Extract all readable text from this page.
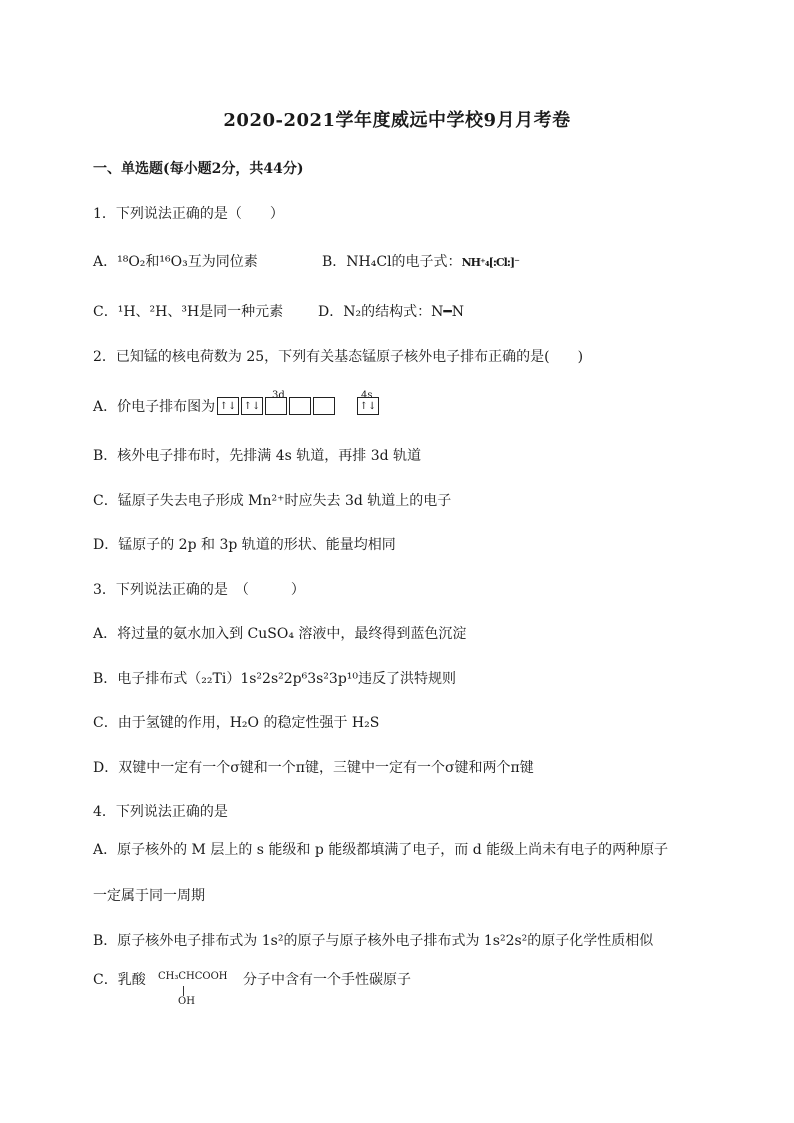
2020-2021学年度威远中学校9月月考卷
一、单选题(每小题2分，共44分)
1．下列说法正确的是（　　）
A．¹⁸O₂和¹⁶O₃互为同位素	B．NH₄Cl的电子式：NH⁺₄[:Cl:]⁻
C．¹H、²H、³H是同一种元素 D．N₂的结构式：N━N
2．已知锰的核电荷数为 25，下列有关基态锰原子核外电子排布正确的是(　　)
A．价电子排布图为
3d	4s
↑↓ ↑↓	↑↓
B．核外电子排布时，先排满 4s 轨道，再排 3d 轨道
C．锰原子失去电子形成 Mn²⁺时应失去 3d 轨道上的电子
D．锰原子的 2p 和 3p 轨道的形状、能量均相同
3．下列说法正确的是　（　　　）
A．将过量的氨水加入到 CuSO₄ 溶液中，最终得到蓝色沉淀
B．电子排布式（₂₂Ti）1s²2s²2p⁶3s²3p¹⁰违反了洪特规则
C．由于氢键的作用，H₂O 的稳定性强于 H₂S
D．双键中一定有一个σ键和一个π键，三键中一定有一个σ键和两个π键
4．下列说法正确的是
A．原子核外的 M 层上的 s 能级和 p 能级都填满了电子，而 d 能级上尚未有电子的两种原子
一定属于同一周期
B．原子核外电子排布式为 1s²的原子与原子核外电子排布式为 1s²2s²的原子化学性质相似
C．乳酸 CH₃CHCOOH
OH
分子中含有一个手性碳原子
